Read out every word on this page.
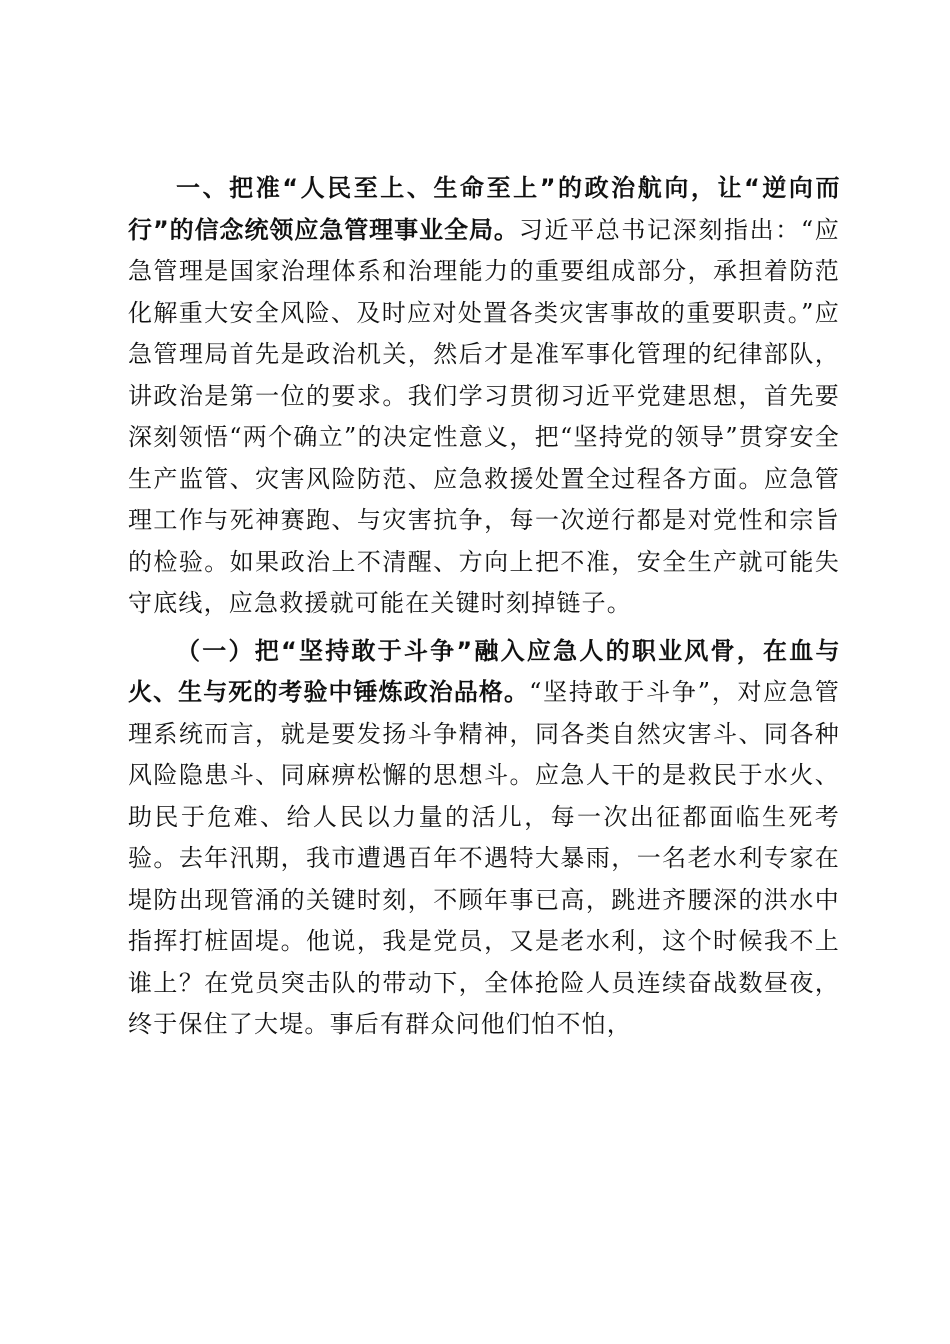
一、把准“人民至上、生命至上”的政治航向，让“逆向而行”的信念统领应急管理事业全局。习近平总书记深刻指出：“应急管理是国家治理体系和治理能力的重要组成部分，承担着防范化解重大安全风险、及时应对处置各类灾害事故的重要职责。”应急管理局首先是政治机关，然后才是准军事化管理的纪律部队，讲政治是第一位的要求。我们学习贯彻习近平党建思想，首先要深刻领悟“两个确立”的决定性意义，把“坚持党的领导”贯穿安全生产监管、灾害风险防范、应急救援处置全过程各方面。应急管理工作与死神赛跑、与灾害抗争，每一次逆行都是对党性和宗旨的检验。如果政治上不清醒、方向上把不准，安全生产就可能失守底线，应急救援就可能在关键时刻掉链子。

（一）把“坚持敢于斗争”融入应急人的职业风骨，在血与火、生与死的考验中锤炼政治品格。“坚持敢于斗争”，对应急管理系统而言，就是要发扬斗争精神，同各类自然灾害斗、同各种风险隐患斗、同麻痹松懈的思想斗。应急人干的是救民于水火、助民于危难、给人民以力量的活儿，每一次出征都面临生死考验。去年汛期，我市遭遇百年不遇特大暴雨，一名老水利专家在堤防出现管涌的关键时刻，不顾年事已高，跳进齐腰深的洪水中指挥打桩固堤。他说，我是党员，又是老水利，这个时候我不上谁上？在党员突击队的带动下，全体抢险人员连续奋战数昼夜，终于保住了大堤。事后有群众问他们怕不怕，
